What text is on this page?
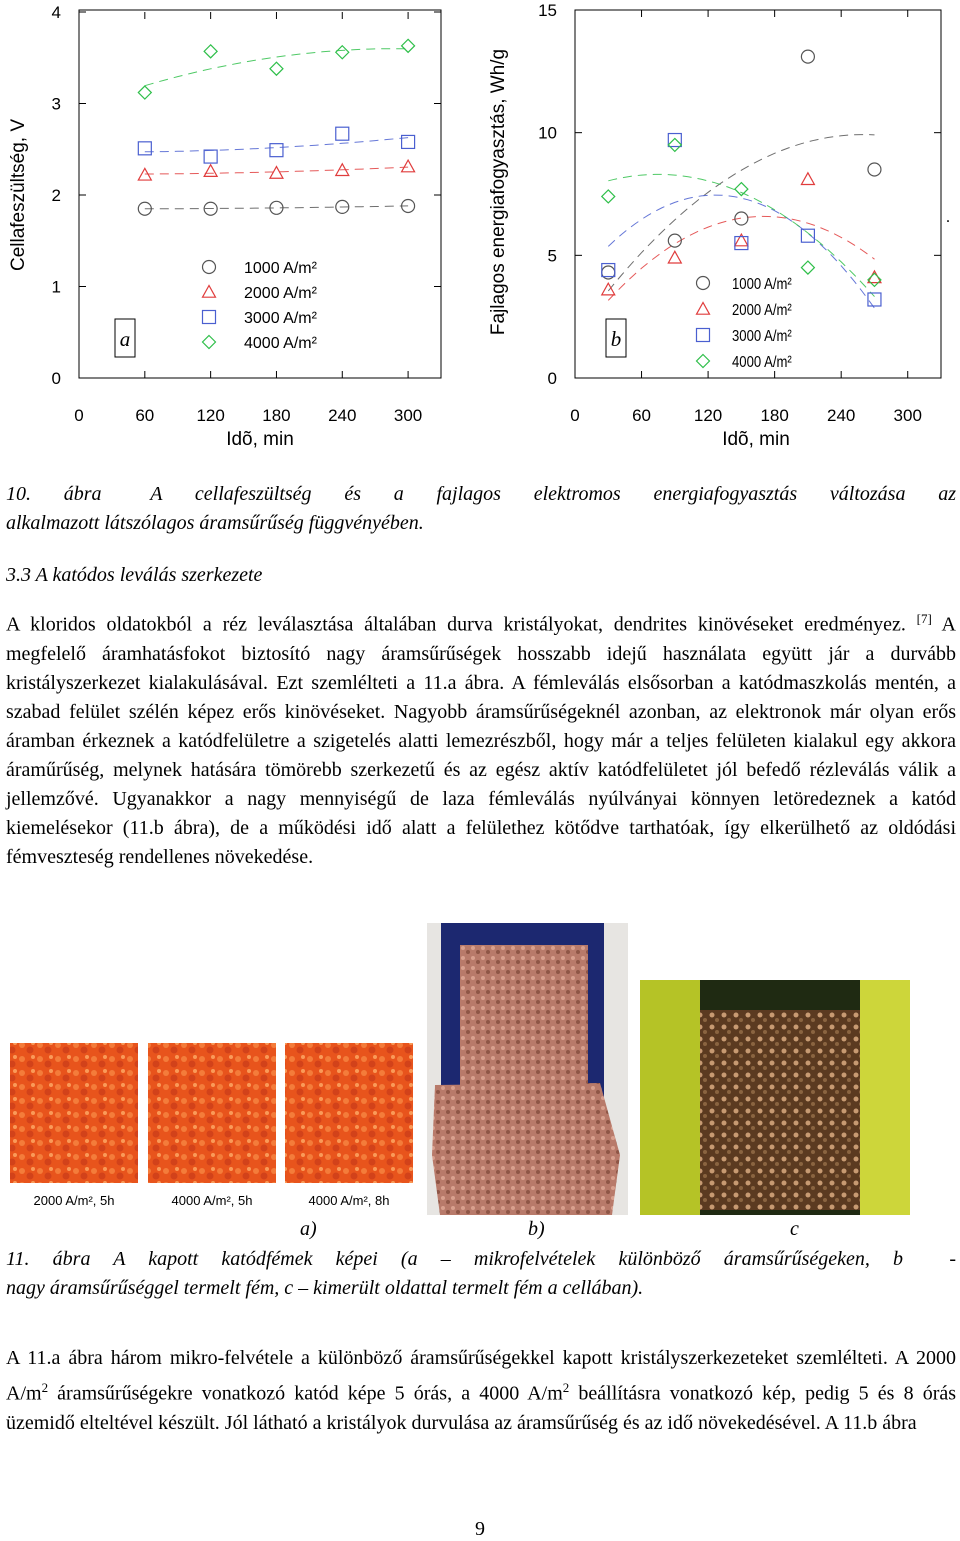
Cellafeszültség, V
0
1
2
3
4
0	60 120 180 240 300
1000 A/m²
2000 A/m²
3000 A/m²
4000 A/m²
a
Idõ, min
Fajlagos energiafogyasztás, Wh/g
0
5
10
15
0	60	120 180 240 300
1000 A/m²
2000 A/m²
3000 A/m²
4000 A/m²
b
.
Idõ, min
10.  ábra   A  cellafeszültség  és  a  fajlagos  elektromos  energiafogyasztás  változása  az
alkalmazott látszólagos áramsűrűség függvényében.
3.3 A katódos leválás szerkezete
A kloridos oldatokból a réz leválasztása általában durva kristályokat, dendrites kinövéseket eredményez. [7] A megfelelő áramhatásfokot biztosító nagy áramsűrűségek hosszabb idejű használata együtt jár a durvább kristályszerkezet kialakulásával. Ezt szemlélteti a 11.a ábra. A fémleválás elsősorban a katódmaszkolás mentén, a szabad felület szélén képez erős kinövéseket. Nagyobb áramsűrűségeknél azonban, az elektronok már olyan erős áramban érkeznek a katódfelületre a szigetelés alatti lemezrészből, hogy már a teljes felületen kialakul egy akkora áraműrűség, melynek hatására tömörebb szerkezetű és az egész aktív katódfelületet jól befedő rézleválás válik a jellemzővé. Ugyanakkor a nagy mennyiségű de laza fémleválás nyúlványai könnyen letöredeznek a katód kiemelésekor (11.b ábra), de a működési idő alatt a felülethez kötődve tarthatóak, így elkerülhető az oldódási fémveszteség rendellenes növekedése.
2000 A/m², 5h	4000 A/m², 5h	4000 A/m², 8h
a)	b)	c
11. ábra A kapott katódfémek képei (a – mikrofelvételek különböző áramsűrűségeken, b  -
nagy áramsűrűséggel termelt fém, c – kimerült oldattal termelt fém a cellában).
A 11.a ábra három mikro-felvétele a különböző áramsűrűségekkel kapott kristályszerkezeteket szemlélteti. A 2000 $A/m^2$ áramsűrűségekre vonatkozó katód képe 5 órás, a 4000 $A/m^2$ beállításra vonatkozó kép, pedig 5 és 8 órás üzemidő elteltével készült. Jól látható a kristályok durvulása az áramsűrűség és az idő növekedésével. A 11.b ábra
9
